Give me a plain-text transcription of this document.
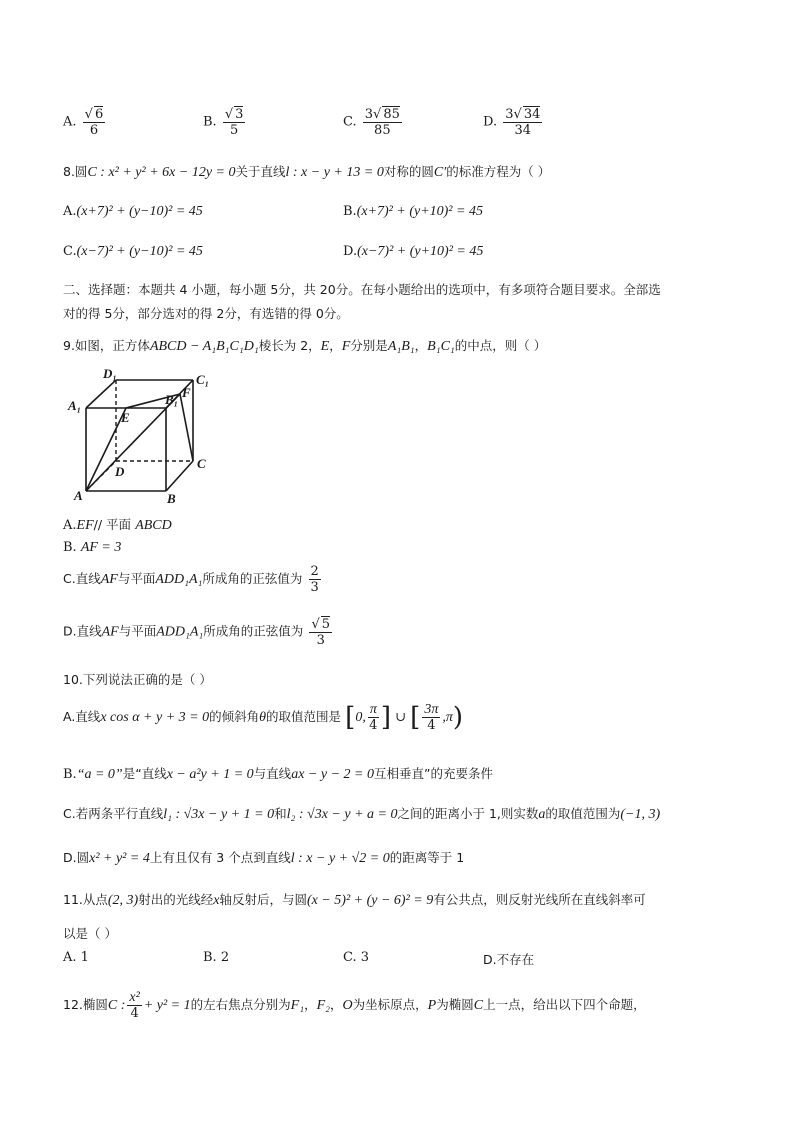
A. $\frac{√ 6}{6}$	B. $\frac{√ 3}{5}$	C. $\frac{3√ 85}{85}$	D. $\frac{3√ 34}{34}$
8.圆C : x² + y² + 6x − 12y = 0关于直线l : x − y + 13 = 0对称的圆C′的标准方程为（ ）
A.(x+7)² + (y−10)² = 45	B.(x+7)² + (y+10)² = 45
C.(x−7)² + (y−10)² = 45	D.(x−7)² + (y+10)² = 45
二、选择题：本题共 4 小题，每小题 5分，共 20分。在每小题给出的选项中，有多项符合题目要求。全部选
对的得 5分，部分选对的得 2分，有选错的得 0分。
9.如图，正方体ABCD − A₁B₁C₁D₁棱长为 2，E，F分别是A₁B₁，B₁C₁的中点，则（ ）
D₁	C₁
A₁
E
B₁ F
D
C
A	B
A.EF// 平面 ABCD
B. AF = 3
C.直线AF与平面ADD₁A₁所成角的正弦值为 $\frac{2}{3}$
D.直线AF与平面ADD₁A₁所成角的正弦值为 $\frac{√ 5}{3}$
10.下列说法正确的是（ ）
A.直线x cos α + y + 3 = 0的倾斜角θ的取值范围是 [0, $\frac{\pi}{4}$ ] ∪ [ $\frac{3\pi}{4} ,\pi$)
B.“a = 0”是“直线x − a²y + 1 = 0与直线ax − y − 2 = 0互相垂直”的充要条件
C.若两条平行直线l₁ : √3x − y + 1 = 0和l₂ : √3x − y + a = 0之间的距离小于 1,则实数a的取值范围为(−1, 3)
D.圆x² + y² = 4上有且仅有 3 个点到直线l : x − y + √2 = 0的距离等于 1
11.从点(2, 3)射出的光线经x轴反射后，与圆(x − 5)² + (y − 6)² = 9有公共点，则反射光线所在直线斜率可
以是（ ）
A. 1	B. 2	C. 3	D.不存在
12.椭圆C : $\frac{\text{x²}}{4} + y^2 = 1$的左右焦点分别为F₁，F₂，O为坐标原点，P为椭圆C上一点，给出以下四个命题，
